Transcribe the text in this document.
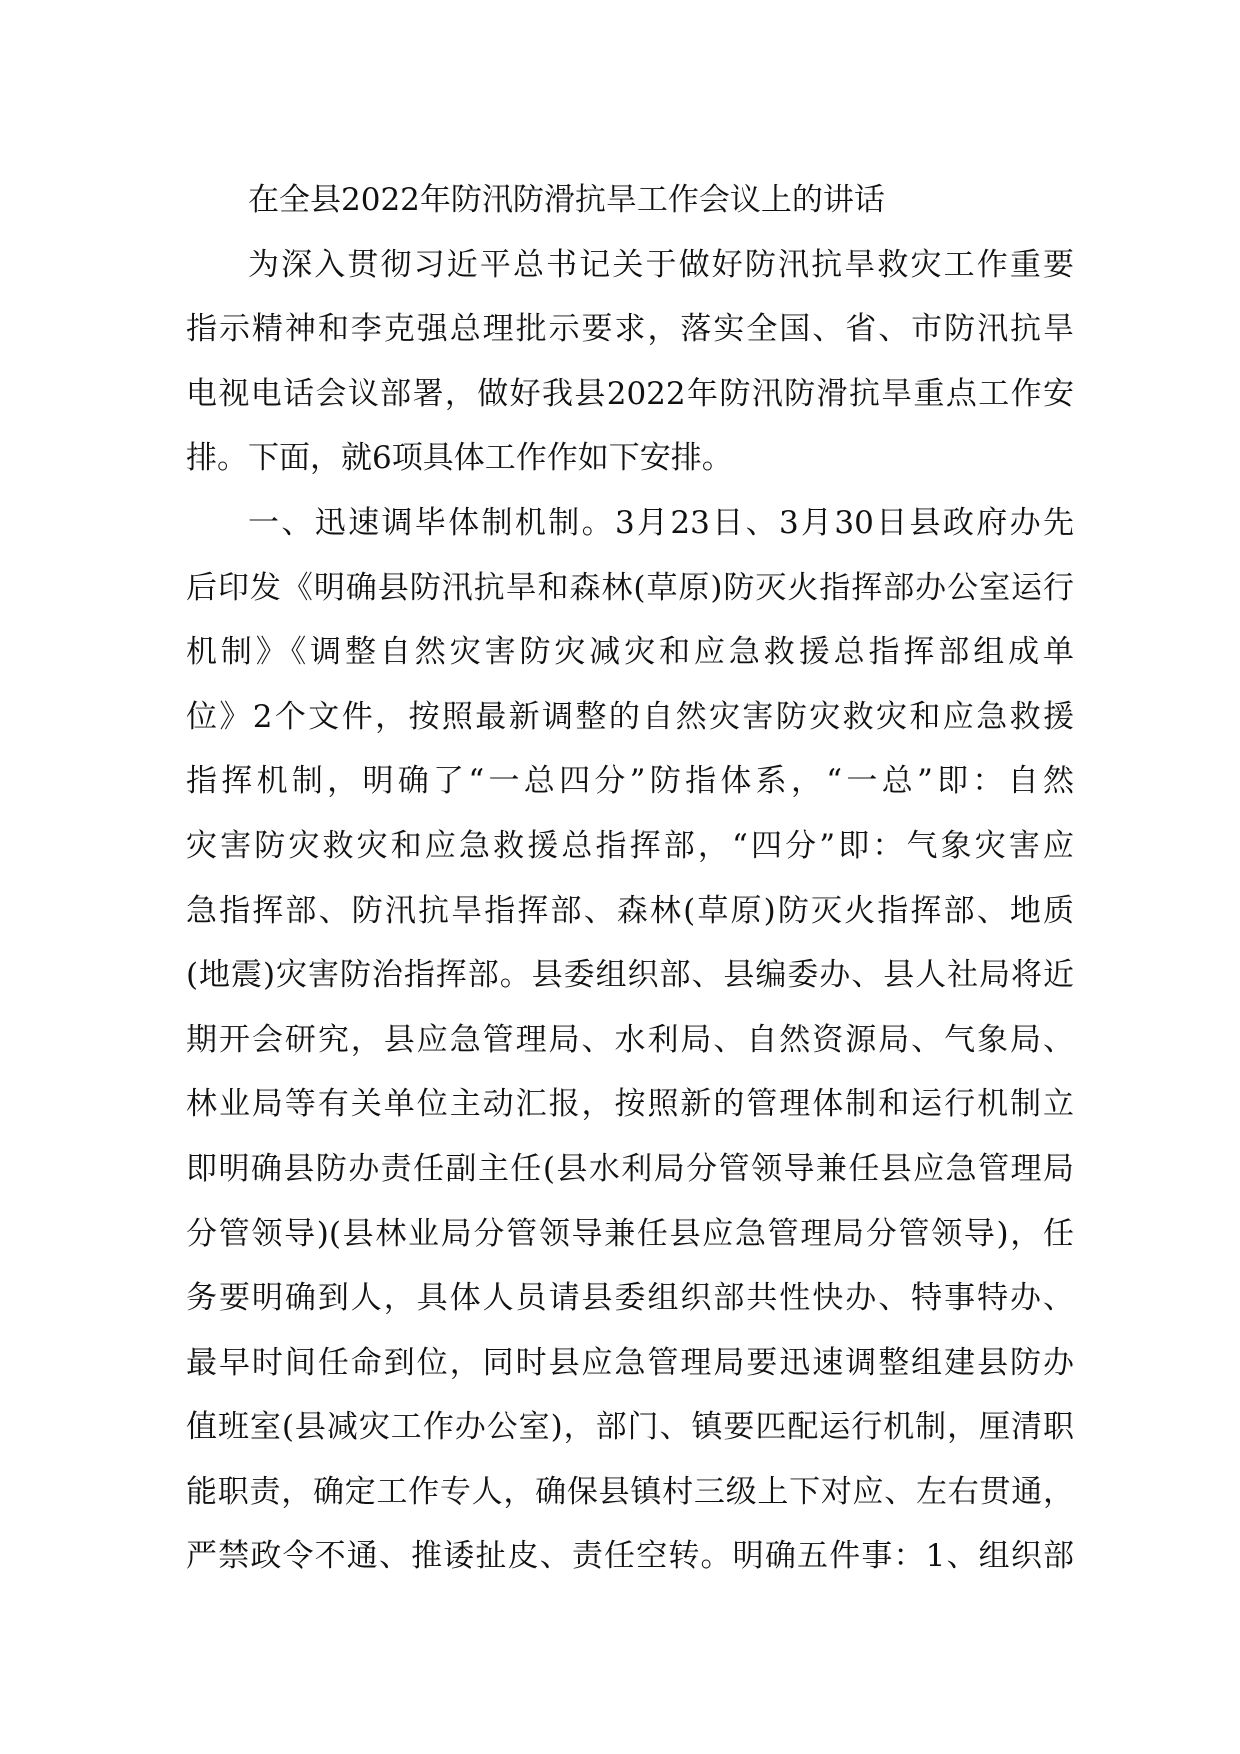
在全县2022年防汛防滑抗旱工作会议上的讲话
为深入贯彻习近平总书记关于做好防汛抗旱救灾工作重要
指示精神和李克强总理批示要求，落实全国、省、市防汛抗旱
电视电话会议部署，做好我县2022年防汛防滑抗旱重点工作安
排。下面，就6项具体工作作如下安排。
一、迅速调毕体制机制。3月23日、3月30日县政府办先
后印发《明确县防汛抗旱和森林(草原)防灭火指挥部办公室运行
机制》《调整自然灾害防灾减灾和应急救援总指挥部组成单
位》2个文件，按照最新调整的自然灾害防灾救灾和应急救援
指挥机制，明确了“一总四分”防指体系，“一总”即：自然
灾害防灾救灾和应急救援总指挥部，“四分”即：气象灾害应
急指挥部、防汛抗旱指挥部、森林(草原)防灭火指挥部、地质
(地震)灾害防治指挥部。县委组织部、县编委办、县人社局将近
期开会研究，县应急管理局、水利局、自然资源局、气象局、
林业局等有关单位主动汇报，按照新的管理体制和运行机制立
即明确县防办责任副主任(县水利局分管领导兼任县应急管理局
分管领导)(县林业局分管领导兼任县应急管理局分管领导)，任
务要明确到人，具体人员请县委组织部共性快办、特事特办、
最早时间任命到位，同时县应急管理局要迅速调整组建县防办
值班室(县减灾工作办公室)，部门、镇要匹配运行机制，厘清职
能职责，确定工作专人，确保县镇村三级上下对应、左右贯通，
严禁政令不通、推诿扯皮、责任空转。明确五件事：1、组织部
